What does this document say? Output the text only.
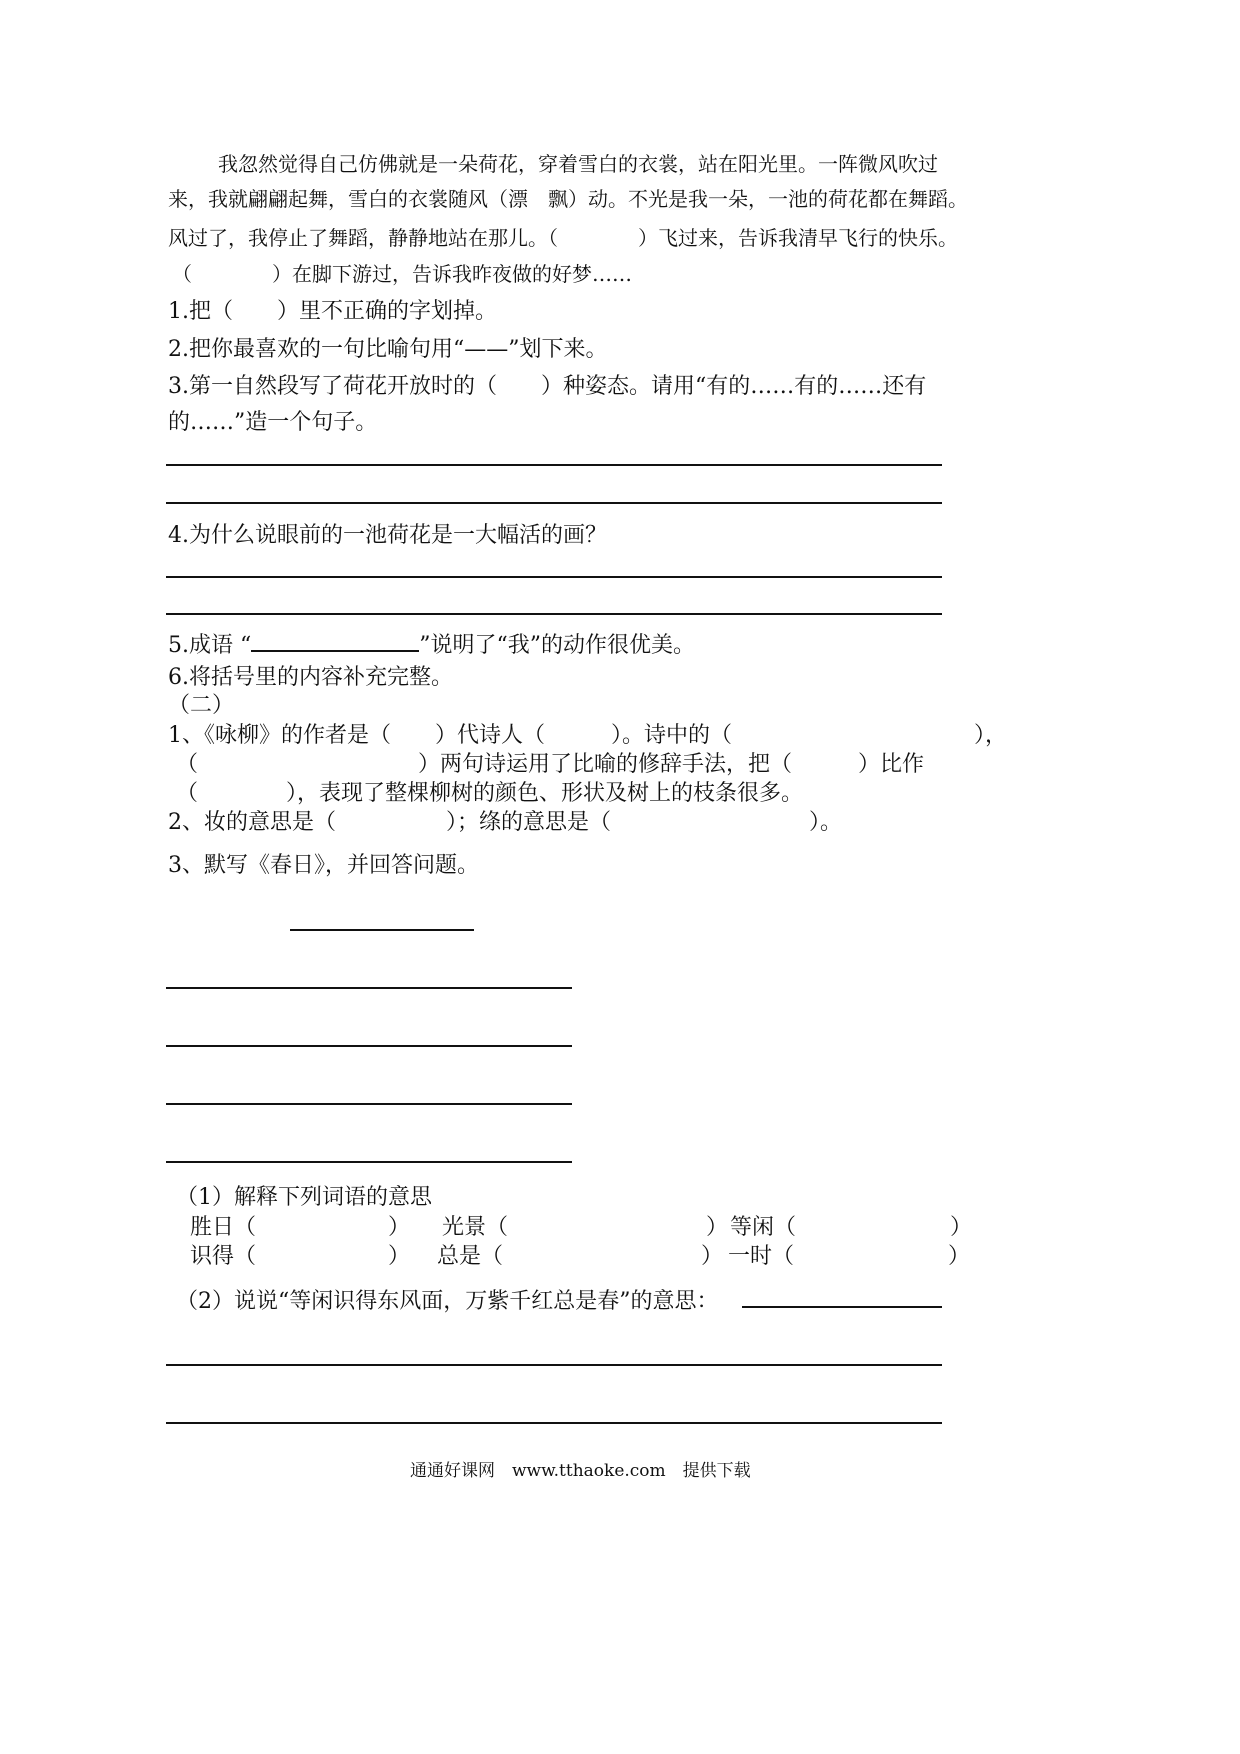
我忽然觉得自己仿佛就是一朵荷花，穿着雪白的衣裳，站在阳光里。一阵微风吹过
来，我就翩翩起舞，雪白的衣裳随风（漂　飘）动。不光是我一朵，一池的荷花都在舞蹈。
风过了，我停止了舞蹈，静静地站在那儿。（　　　　）飞过来，告诉我清早飞行的快乐。
（　　　　）在脚下游过，告诉我昨夜做的好梦……
1.把（　　）里不正确的字划掉。
2.把你最喜欢的一句比喻句用“——”划下来。
3.第一自然段写了荷花开放时的（　　）种姿态。请用“有的……有的……还有
的……”造一个句子。
4.为什么说眼前的一池荷花是一大幅活的画？
5.成语 “	”说明了“我”的动作很优美。
6.将括号里的内容补充完整。
（二）
1、《咏柳》的作者是（　　）代诗人（　　　）。诗中的（　　　　　　　　　　　），
（　　　　　　　　　　）两句诗运用了比喻的修辞手法，把（　　　）比作
（　　　　），表现了整棵柳树的颜色、形状及树上的枝条很多。
2、妆的意思是（　　　　　）；绦的意思是（　　　　　　　　　）。
3、默写《春日》，并回答问题。
（1）解释下列词语的意思
胜日（　　　　　　） 光景（　　　　　　　　　） 等闲（　　　　　　　）
识得（　　　　　　） 总是（　　　　　　　　　） 一时（　　　　　　　）
（2）说说“等闲识得东风面，万紫千红总是春”的意思：
通通好课网　www.tthaoke.com　提供下载
